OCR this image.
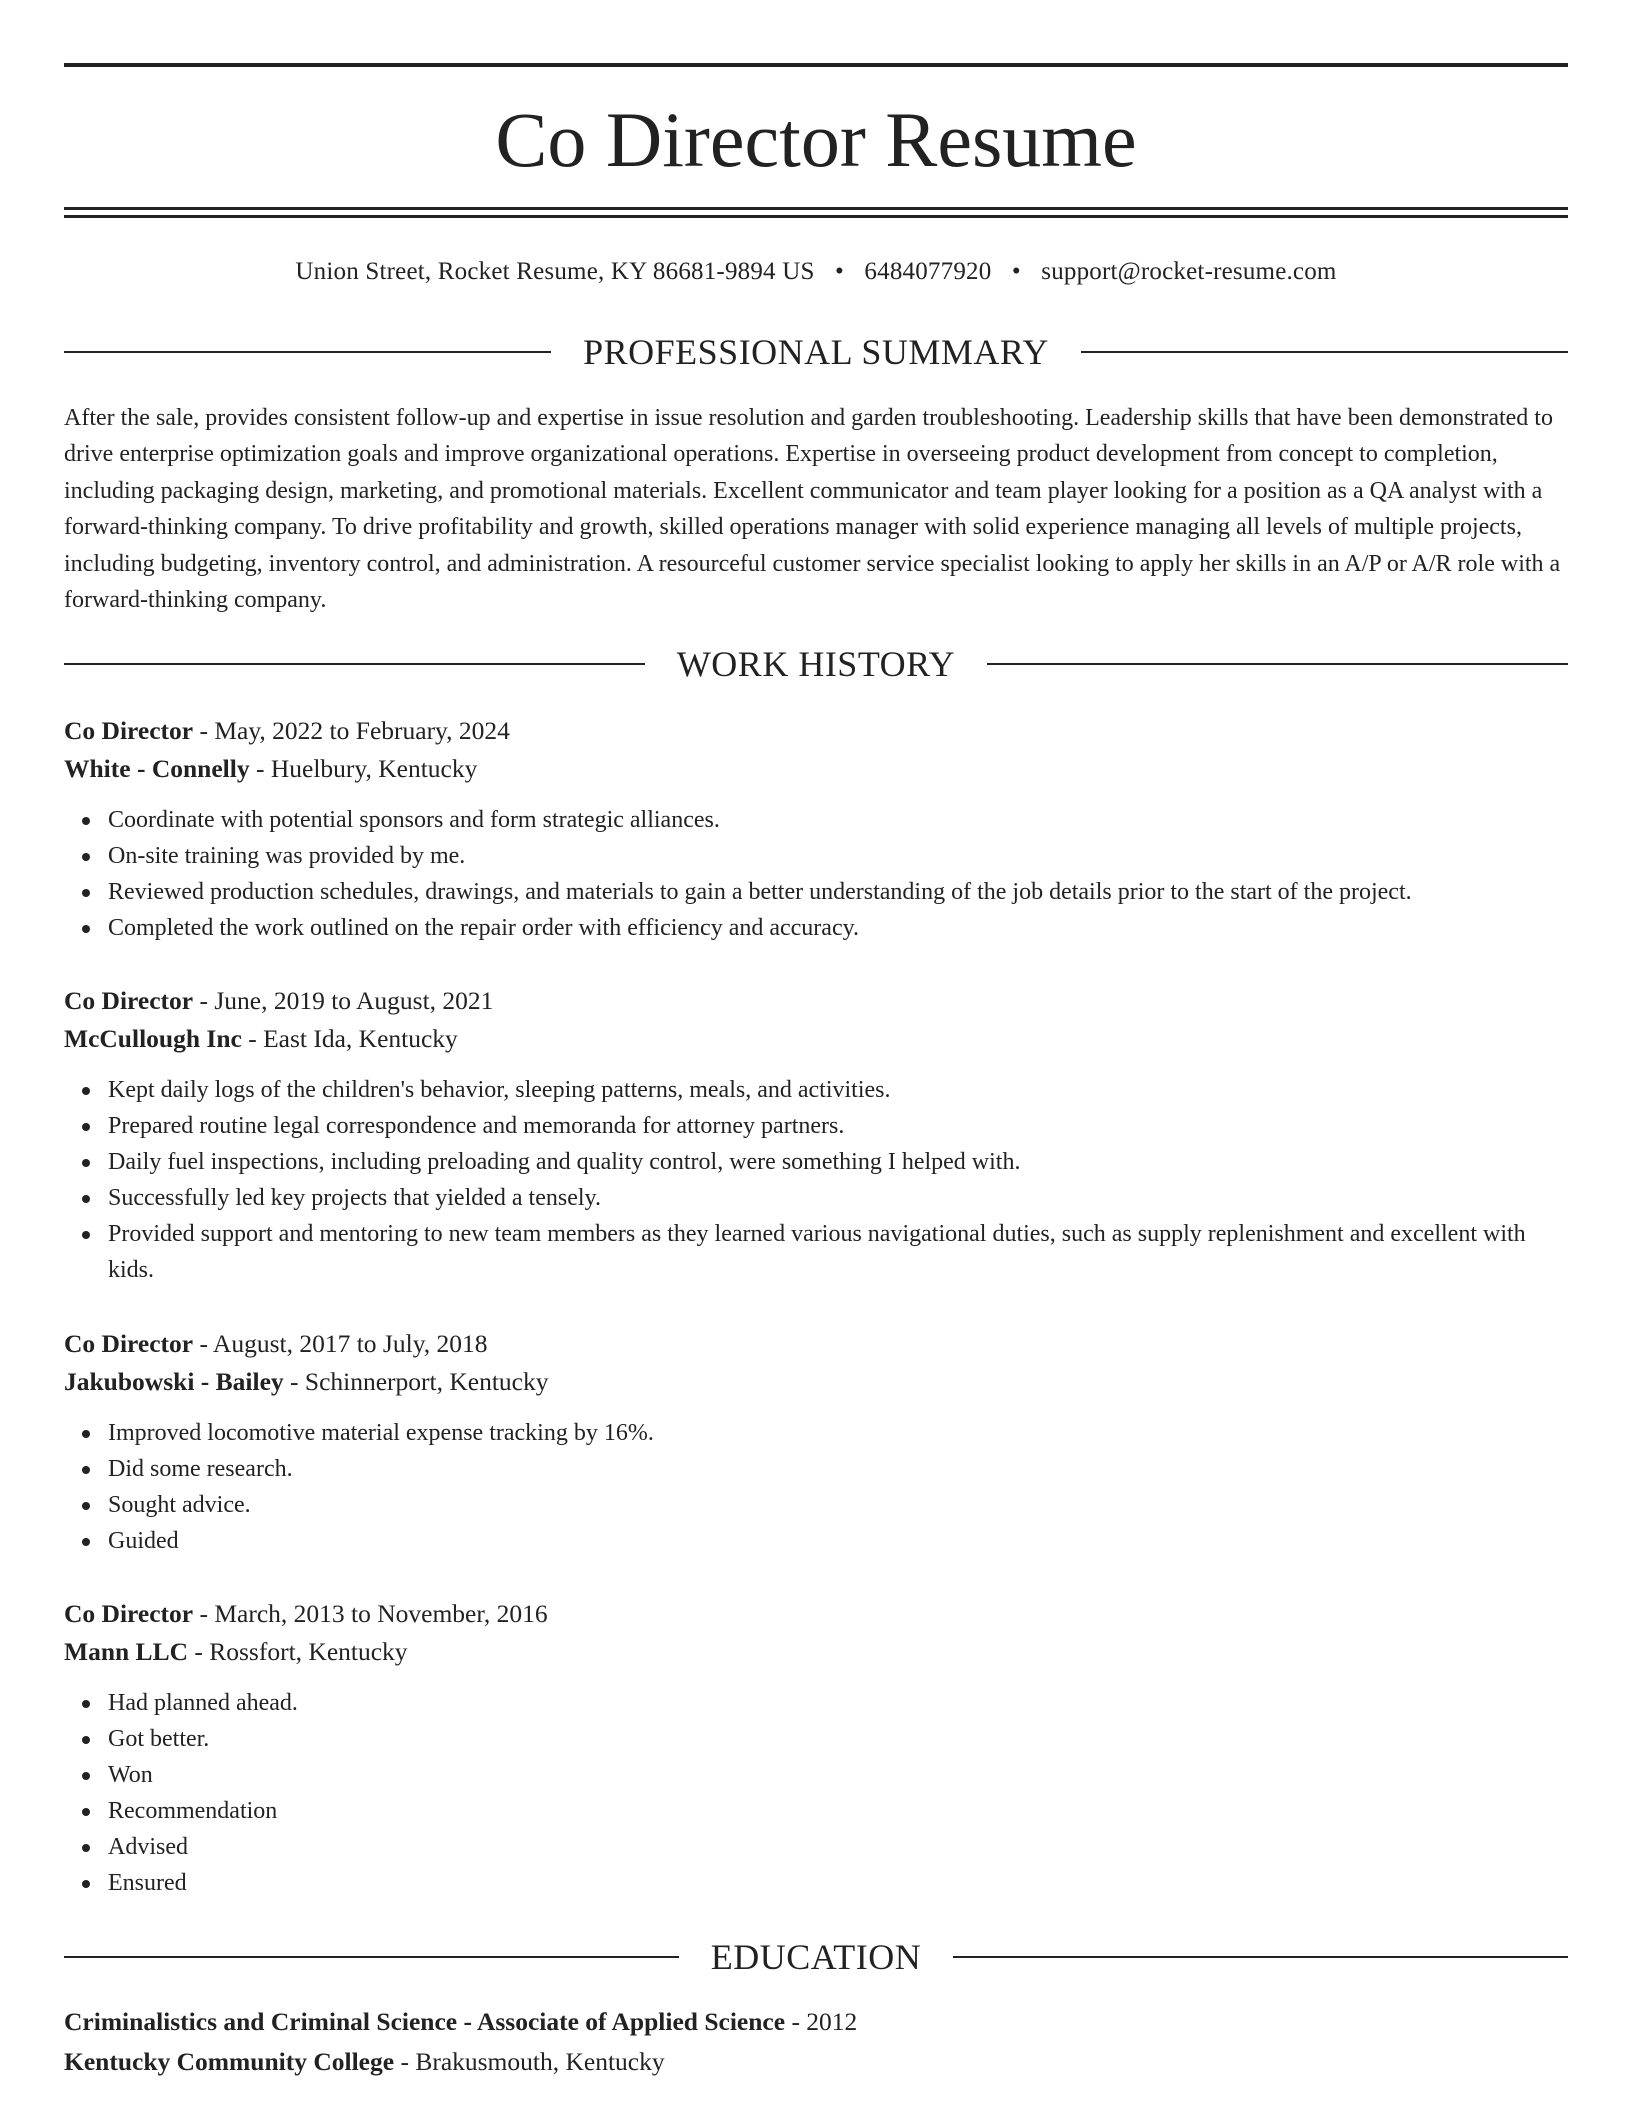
Co Director Resume
Union Street, Rocket Resume, KY 86681-9894 US • 6484077920 • support@rocket-resume.com
PROFESSIONAL SUMMARY

After the sale, provides consistent follow-up and expertise in issue resolution and garden troubleshooting. Leadership skills that have been demonstrated to drive enterprise optimization goals and improve organizational operations. Expertise in overseeing product development from concept to completion, including packaging design, marketing, and promotional materials. Excellent communicator and team player looking for a position as a QA analyst with a forward-thinking company. To drive profitability and growth, skilled operations manager with solid experience managing all levels of multiple projects, including budgeting, inventory control, and administration. A resourceful customer service specialist looking to apply her skills in an A/P or A/R role with a forward-thinking company.

WORK HISTORY
Co Director - May, 2022 to February, 2024
White - Connelly - Huelbury, Kentucky
Coordinate with potential sponsors and form strategic alliances.
On-site training was provided by me.
Reviewed production schedules, drawings, and materials to gain a better understanding of the job details prior to the start of the project.
Completed the work outlined on the repair order with efficiency and accuracy.
Co Director - June, 2019 to August, 2021
McCullough Inc - East Ida, Kentucky
Kept daily logs of the children's behavior, sleeping patterns, meals, and activities.
Prepared routine legal correspondence and memoranda for attorney partners.
Daily fuel inspections, including preloading and quality control, were something I helped with.
Successfully led key projects that yielded a tensely.
Provided support and mentoring to new team members as they learned various navigational duties, such as supply replenishment and excellent with kids.
Co Director - August, 2017 to July, 2018
Jakubowski - Bailey - Schinnerport, Kentucky
Improved locomotive material expense tracking by 16%.
Did some research.
Sought advice.
Guided
Co Director - March, 2013 to November, 2016
Mann LLC - Rossfort, Kentucky
Had planned ahead.
Got better.
Won
Recommendation
Advised
Ensured
EDUCATION
Criminalistics and Criminal Science - Associate of Applied Science - 2012
Kentucky Community College - Brakusmouth, Kentucky
